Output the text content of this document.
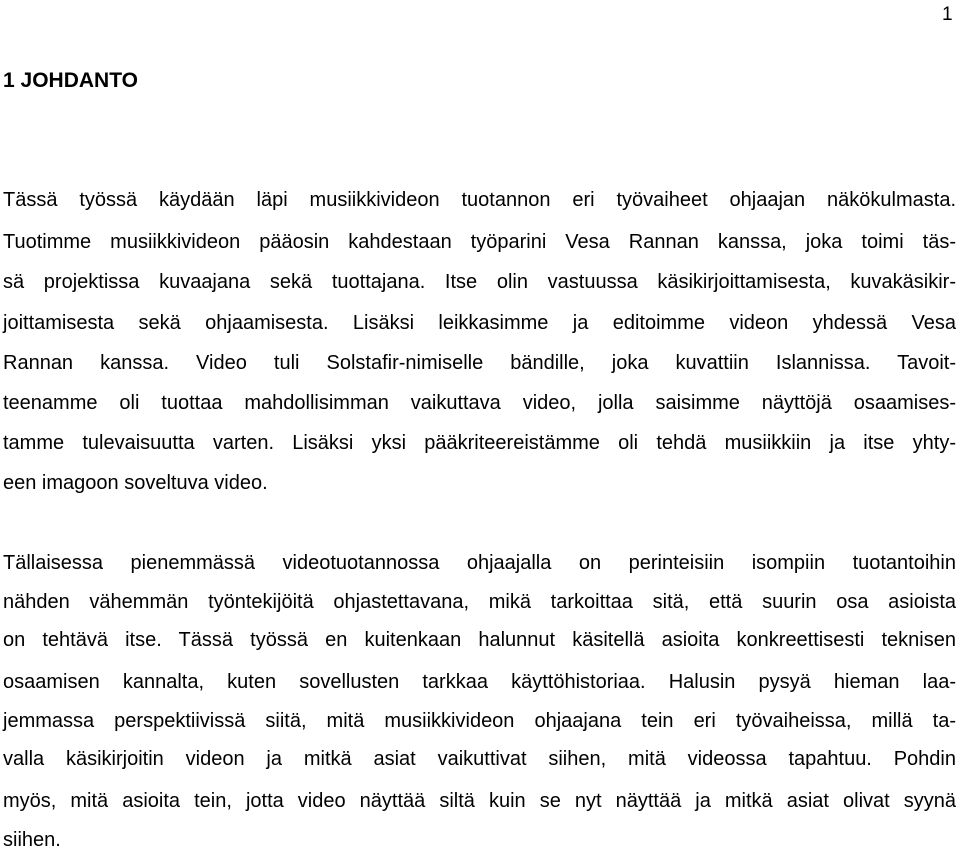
1
1 JOHDANTO
Tässä työssä käydään läpi musiikkivideon tuotannon eri työvaiheet ohjaajan näkökulmasta.
Tuotimme musiikkivideon pääosin kahdestaan työparini Vesa Rannan kanssa, joka toimi täs-
sä projektissa kuvaajana sekä tuottajana. Itse olin vastuussa käsikirjoittamisesta, kuvakäsikir-
joittamisesta sekä ohjaamisesta. Lisäksi leikkasimme ja editoimme videon yhdessä Vesa
Rannan kanssa. Video tuli Solstafir-nimiselle bändille, joka kuvattiin Islannissa. Tavoit-
teenamme oli tuottaa mahdollisimman vaikuttava video, jolla saisimme näyttöjä osaamises-
tamme tulevaisuutta varten. Lisäksi yksi pääkriteereistämme oli tehdä musiikkiin ja itse yhty-
een imagoon soveltuva video.
Tällaisessa pienemmässä videotuotannossa ohjaajalla on perinteisiin isompiin tuotantoihin
nähden vähemmän työntekijöitä ohjastettavana, mikä tarkoittaa sitä, että suurin osa asioista
on tehtävä itse. Tässä työssä en kuitenkaan halunnut käsitellä asioita konkreettisesti teknisen
osaamisen kannalta, kuten sovellusten tarkkaa käyttöhistoriaa. Halusin pysyä hieman laa-
jemmassa perspektiivissä siitä, mitä musiikkivideon ohjaajana tein eri työvaiheissa, millä ta-
valla käsikirjoitin videon ja mitkä asiat vaikuttivat siihen, mitä videossa tapahtuu. Pohdin
myös, mitä asioita tein, jotta video näyttää siltä kuin se nyt näyttää ja mitkä asiat olivat syynä
siihen.
